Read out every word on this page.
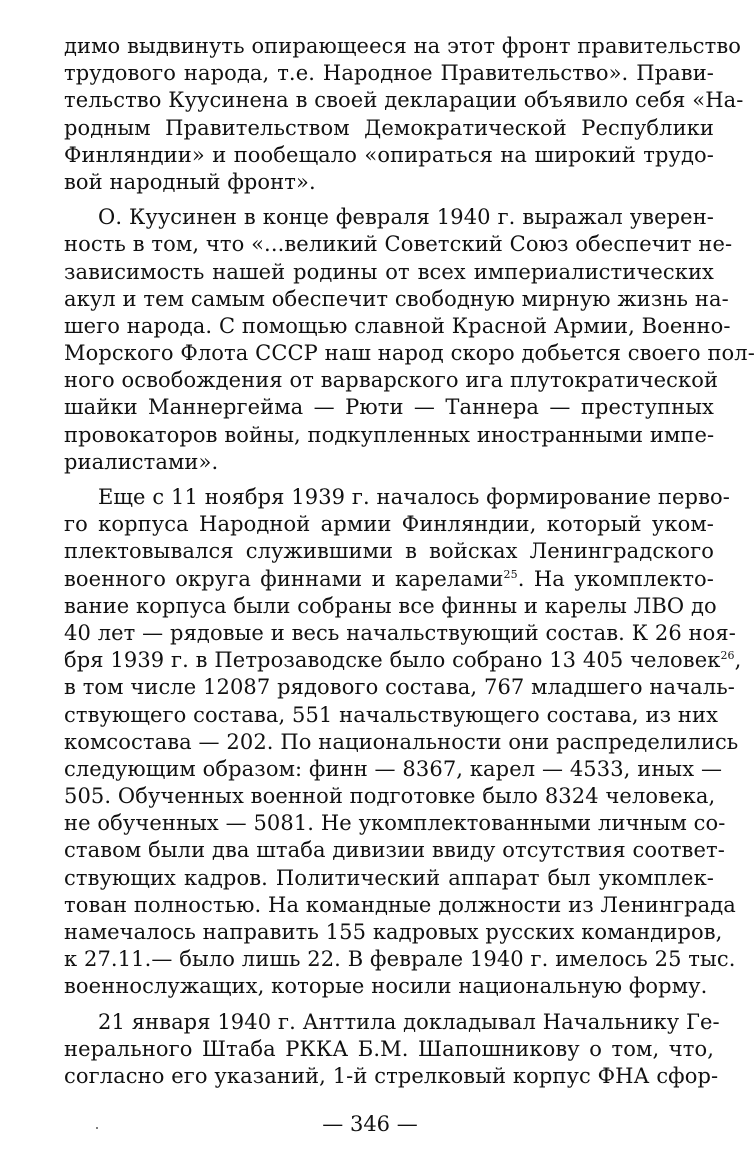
димо выдвинуть опирающееся на этот фронт правительство
трудового народа, т.е. Народное Правительство». Прави-
тельство Куусинена в своей декларации объявило себя «На-
родным Правительством Демократической Республики
Финляндии» и пообещало «опираться на широкий трудо-
вой народный фронт».
О. Куусинен в конце февраля 1940 г. выражал уверен-
ность в том, что «...великий Советский Союз обеспечит не-
зависимость нашей родины от всех империалистических
акул и тем самым обеспечит свободную мирную жизнь на-
шего народа. С помощью славной Красной Армии, Военно-
Морского Флота СССР наш народ скоро добьется своего пол-
ного освобождения от варварского ига плутократической
шайки Маннергейма — Рюти — Таннера — преступных
провокаторов войны, подкупленных иностранными импе-
риалистами».
Еще с 11 ноября 1939 г. началось формирование перво-
го корпуса Народной армии Финляндии, который уком-
плектовывался служившими в войсках Ленинградского
военного округа финнами и карелами$^{25}$. На укомплекто-
вание корпуса были собраны все финны и карелы ЛВО до
40 лет — рядовые и весь начальствующий состав. К 26 ноя-
бря 1939 г. в Петрозаводске было собрано 13 405 человек$^{26}$,
в том числе 12087 рядового состава, 767 младшего началь-
ствующего состава, 551 начальствующего состава, из них
комсостава — 202. По национальности они распределились
следующим образом: финн — 8367, карел — 4533, иных —
505. Обученных военной подготовке было 8324 человека,
не обученных — 5081. Не укомплектованными личным со-
ставом были два штаба дивизии ввиду отсутствия соответ-
ствующих кадров. Политический аппарат был укомплек-
тован полностью. На командные должности из Ленинграда
намечалось направить 155 кадровых русских командиров,
к 27.11.— было лишь 22. В феврале 1940 г. имелось 25 тыс.
военнослужащих, которые носили национальную форму.
21 января 1940 г. Анттила докладывал Начальнику Ге-
нерального Штаба РККА Б.М. Шапошникову о том, что,
согласно его указаний, 1-й стрелковый корпус ФНА сфор-
— 346 —
